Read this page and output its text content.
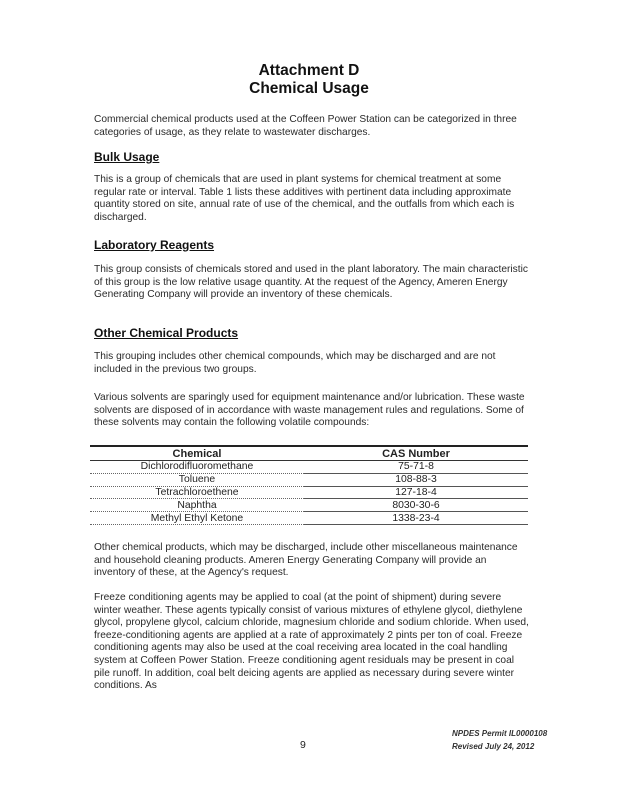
Attachment D
Chemical Usage

Commercial chemical products used at the Coffeen Power Station can be categorized in three categories of usage, as they relate to wastewater discharges.

Bulk Usage

This is a group of chemicals that are used in plant systems for chemical treatment at some regular rate or interval. Table 1 lists these additives with pertinent data including approximate quantity stored on site, annual rate of use of the chemical, and the outfalls from which each is discharged.

Laboratory Reagents

This group consists of chemicals stored and used in the plant laboratory. The main characteristic of this group is the low relative usage quantity. At the request of the Agency, Ameren Energy Generating Company will provide an inventory of these chemicals.

Other Chemical Products

This grouping includes other chemical compounds, which may be discharged and are not included in the previous two groups.

Various solvents are sparingly used for equipment maintenance and/or lubrication. These waste solvents are disposed of in accordance with waste management rules and regulations. Some of these solvents may contain the following volatile compounds:

Chemical	CAS Number
Dichlorodifluoromethane	75-71-8
Toluene	108-88-3
Tetrachloroethene	127-18-4
Naphtha	8030-30-6
Methyl Ethyl Ketone	1338-23-4

Other chemical products, which may be discharged, include other miscellaneous maintenance and household cleaning products. Ameren Energy Generating Company will provide an inventory of these, at the Agency's request.

Freeze conditioning agents may be applied to coal (at the point of shipment) during severe winter weather. These agents typically consist of various mixtures of ethylene glycol, diethylene glycol, propylene glycol, calcium chloride, magnesium chloride and sodium chloride. When used, freeze-conditioning agents are applied at a rate of approximately 2 pints per ton of coal. Freeze conditioning agents may also be used at the coal receiving area located in the coal handling system at Coffeen Power Station. Freeze conditioning agent residuals may be present in coal pile runoff. In addition, coal belt deicing agents are applied as necessary during severe winter conditions. As

9
NPDES Permit IL0000108
Revised July 24, 2012
